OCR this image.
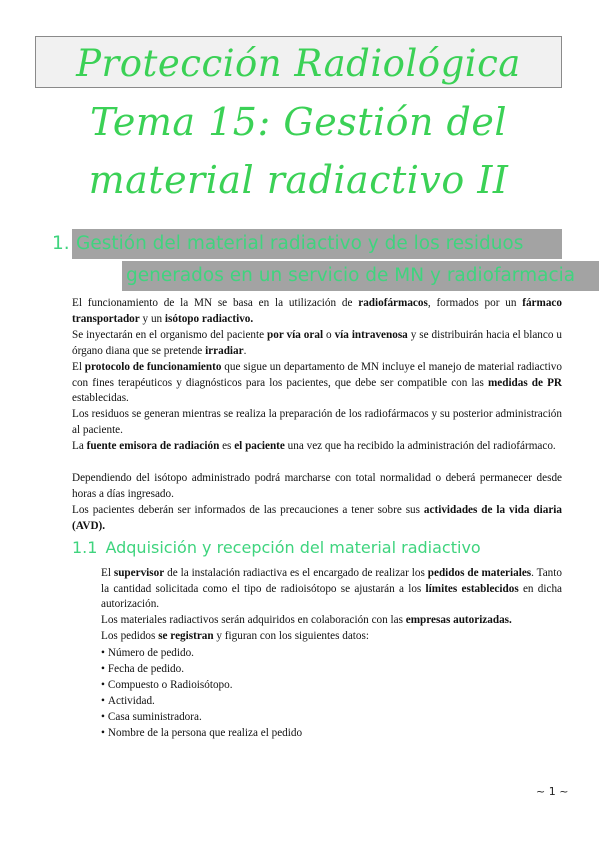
Protección Radiológica
Tema 15: Gestión del
material radiactivo II
1. Gestión del material radiactivo y de los residuos
generados en un servicio de MN y radiofarmacia

El funcionamiento de la MN se basa en la utilización de radiofármacos, formados por un fármaco transportador y un isótopo radiactivo.

Se inyectarán en el organismo del paciente por vía oral o vía intravenosa y se distribuirán hacia el blanco u órgano diana que se pretende irradiar.

El protocolo de funcionamiento que sigue un departamento de MN incluye el manejo de material radiactivo con fines terapéuticos y diagnósticos para los pacientes, que debe ser compatible con las medidas de PR establecidas.

Los residuos se generan mientras se realiza la preparación de los radiofármacos y su posterior administración al paciente.

La fuente emisora de radiación es el paciente una vez que ha recibido la administración del radiofármaco.

Dependiendo del isótopo administrado podrá marcharse con total normalidad o deberá permanecer desde horas a días ingresado.

Los pacientes deberán ser informados de las precauciones a tener sobre sus actividades de la vida diaria (AVD).

1.1 Adquisición y recepción del material radiactivo

El supervisor de la instalación radiactiva es el encargado de realizar los pedidos de materiales. Tanto la cantidad solicitada como el tipo de radioisótopo se ajustarán a los límites establecidos en dicha autorización.

Los materiales radiactivos serán adquiridos en colaboración con las empresas autorizadas.

Los pedidos se registran y figuran con los siguientes datos:

• Número de pedido.
• Fecha de pedido.
• Compuesto o Radioisótopo.
• Actividad.
• Casa suministradora.
• Nombre de la persona que realiza el pedido
~ 1 ~
